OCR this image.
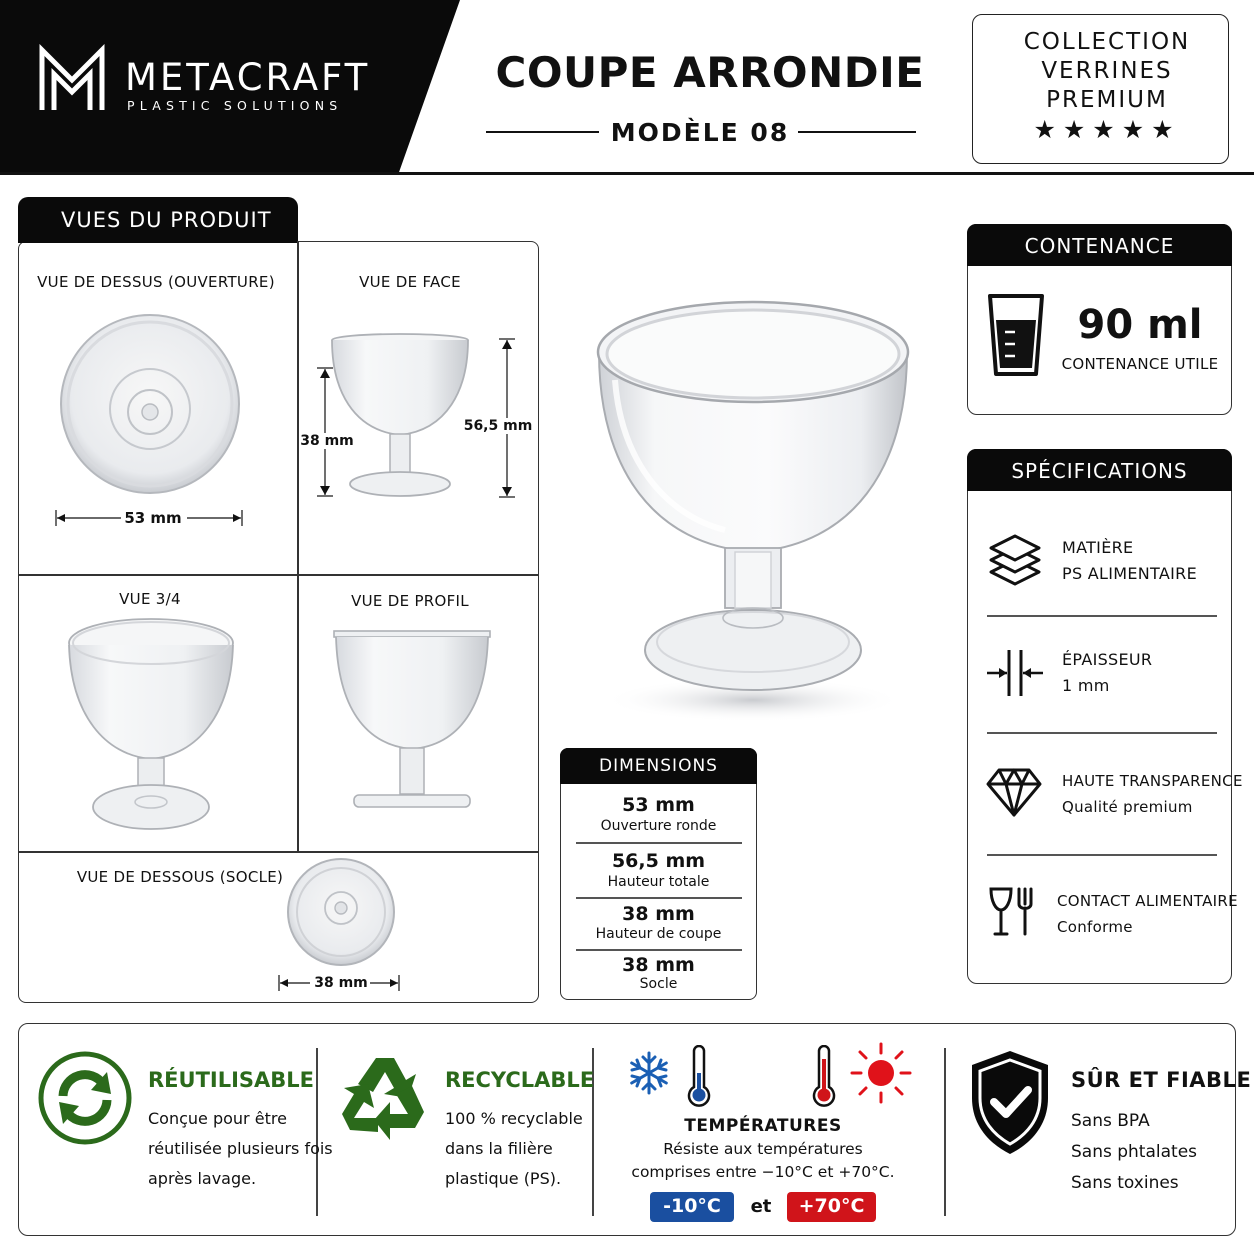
METACRAFT
PLASTIC SOLUTIONS
COUPE ARRONDIE
MODÈLE 08
COLLECTION
VERRINES
PREMIUM
★★★★★
VUES DU PRODUIT
VUE DE DESSUS (OUVERTURE)
53 mm
VUE DE FACE
38 mm
56,5 mm
VUE 3/4	VUE DE PROFIL
VUE DE DESSOUS (SOCLE)
38 mm
DIMENSIONS
53 mm
Ouverture ronde
56,5 mm
Hauteur totale
38 mm
Hauteur de coupe
38 mm
Socle
CONTENANCE
90 ml
CONTENANCE UTILE
SPÉCIFICATIONS
MATIÈRE
PS ALIMENTAIRE
ÉPAISSEUR
1 mm
HAUTE TRANSPARENCE
Qualité premium
CONTACT ALIMENTAIRE
Conforme
RÉUTILISABLE
Conçue pour être
réutilisée plusieurs fois
après lavage.
RECYCLABLE
100 % recyclable
dans la filière
plastique (PS).
TEMPÉRATURES
Résiste aux températures
comprises entre −10°C et +70°C.
-10°C	et	+70°C
SÛR ET FIABLE
Sans BPA
Sans phtalates
Sans toxines
